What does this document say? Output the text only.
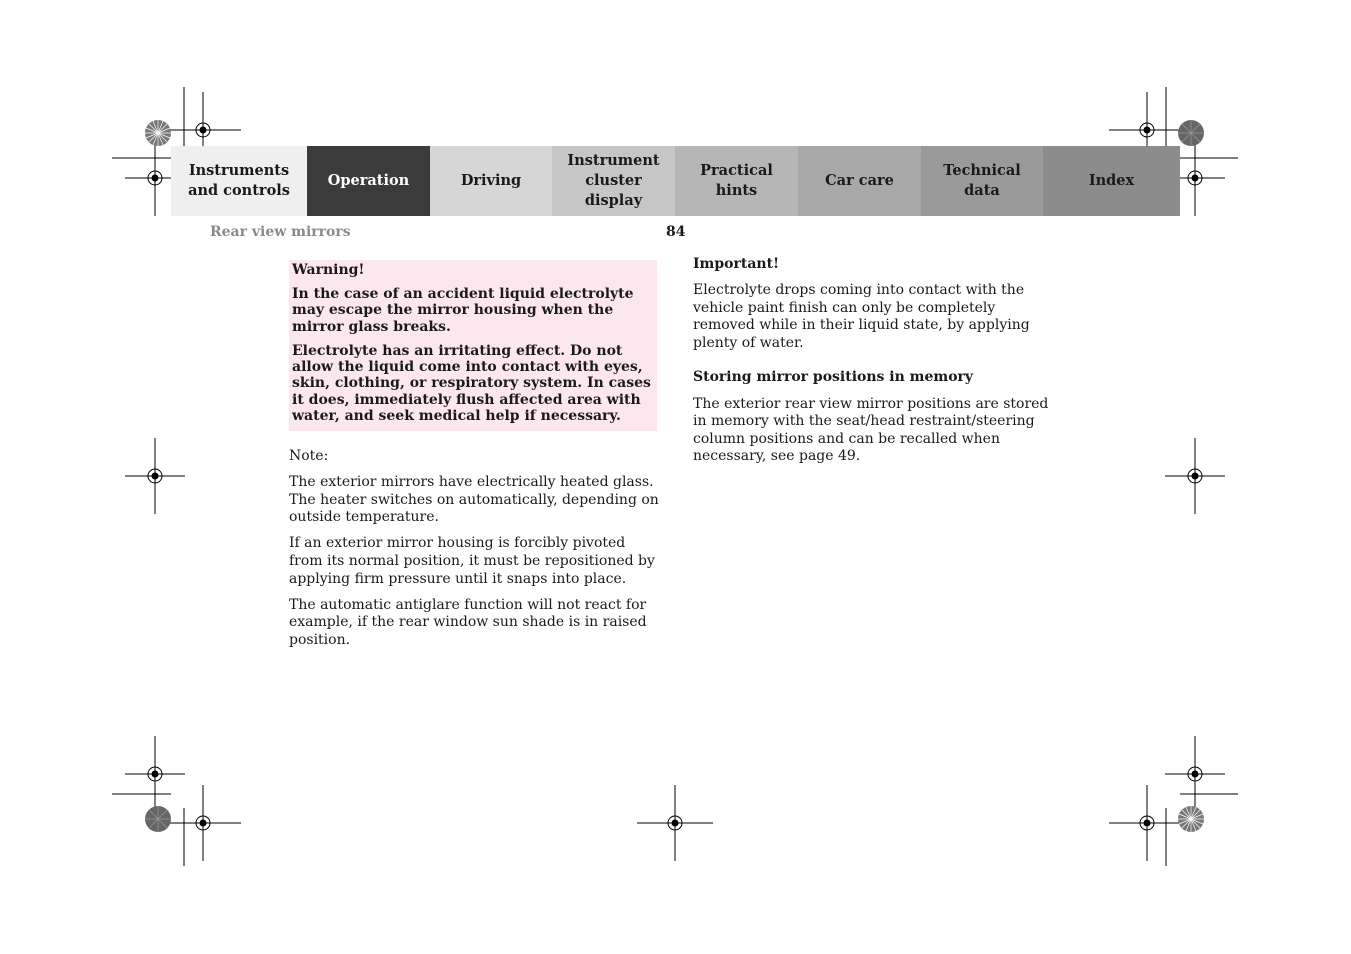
Instruments
and controls
Operation	Driving
Instrument
cluster display
Practical hints
Car care
Technical
data
Index
Rear view mirrors	84

Warning!

In the case of an accident liquid electrolyte may escape the mirror housing when the mirror glass breaks.

Electrolyte has an irritating effect. Do not allow the liquid come into contact with eyes, skin, clothing, or respiratory system. In cases it does, immediately flush affected area with water, and seek medical help if necessary.

Note:

The exterior mirrors have electrically heated glass. The heater switches on automatically, depending on outside temperature.

If an exterior mirror housing is forcibly pivoted from its normal position, it must be repositioned by applying firm pressure until it snaps into place.

The automatic antiglare function will not react for example, if the rear window sun shade is in raised position.

Important!

Electrolyte drops coming into contact with the vehicle paint finish can only be completely removed while in their liquid state, by applying plenty of water.

Storing mirror positions in memory

The exterior rear view mirror positions are stored in memory with the seat/head restraint/steering column positions and can be recalled when necessary, see page 49.
